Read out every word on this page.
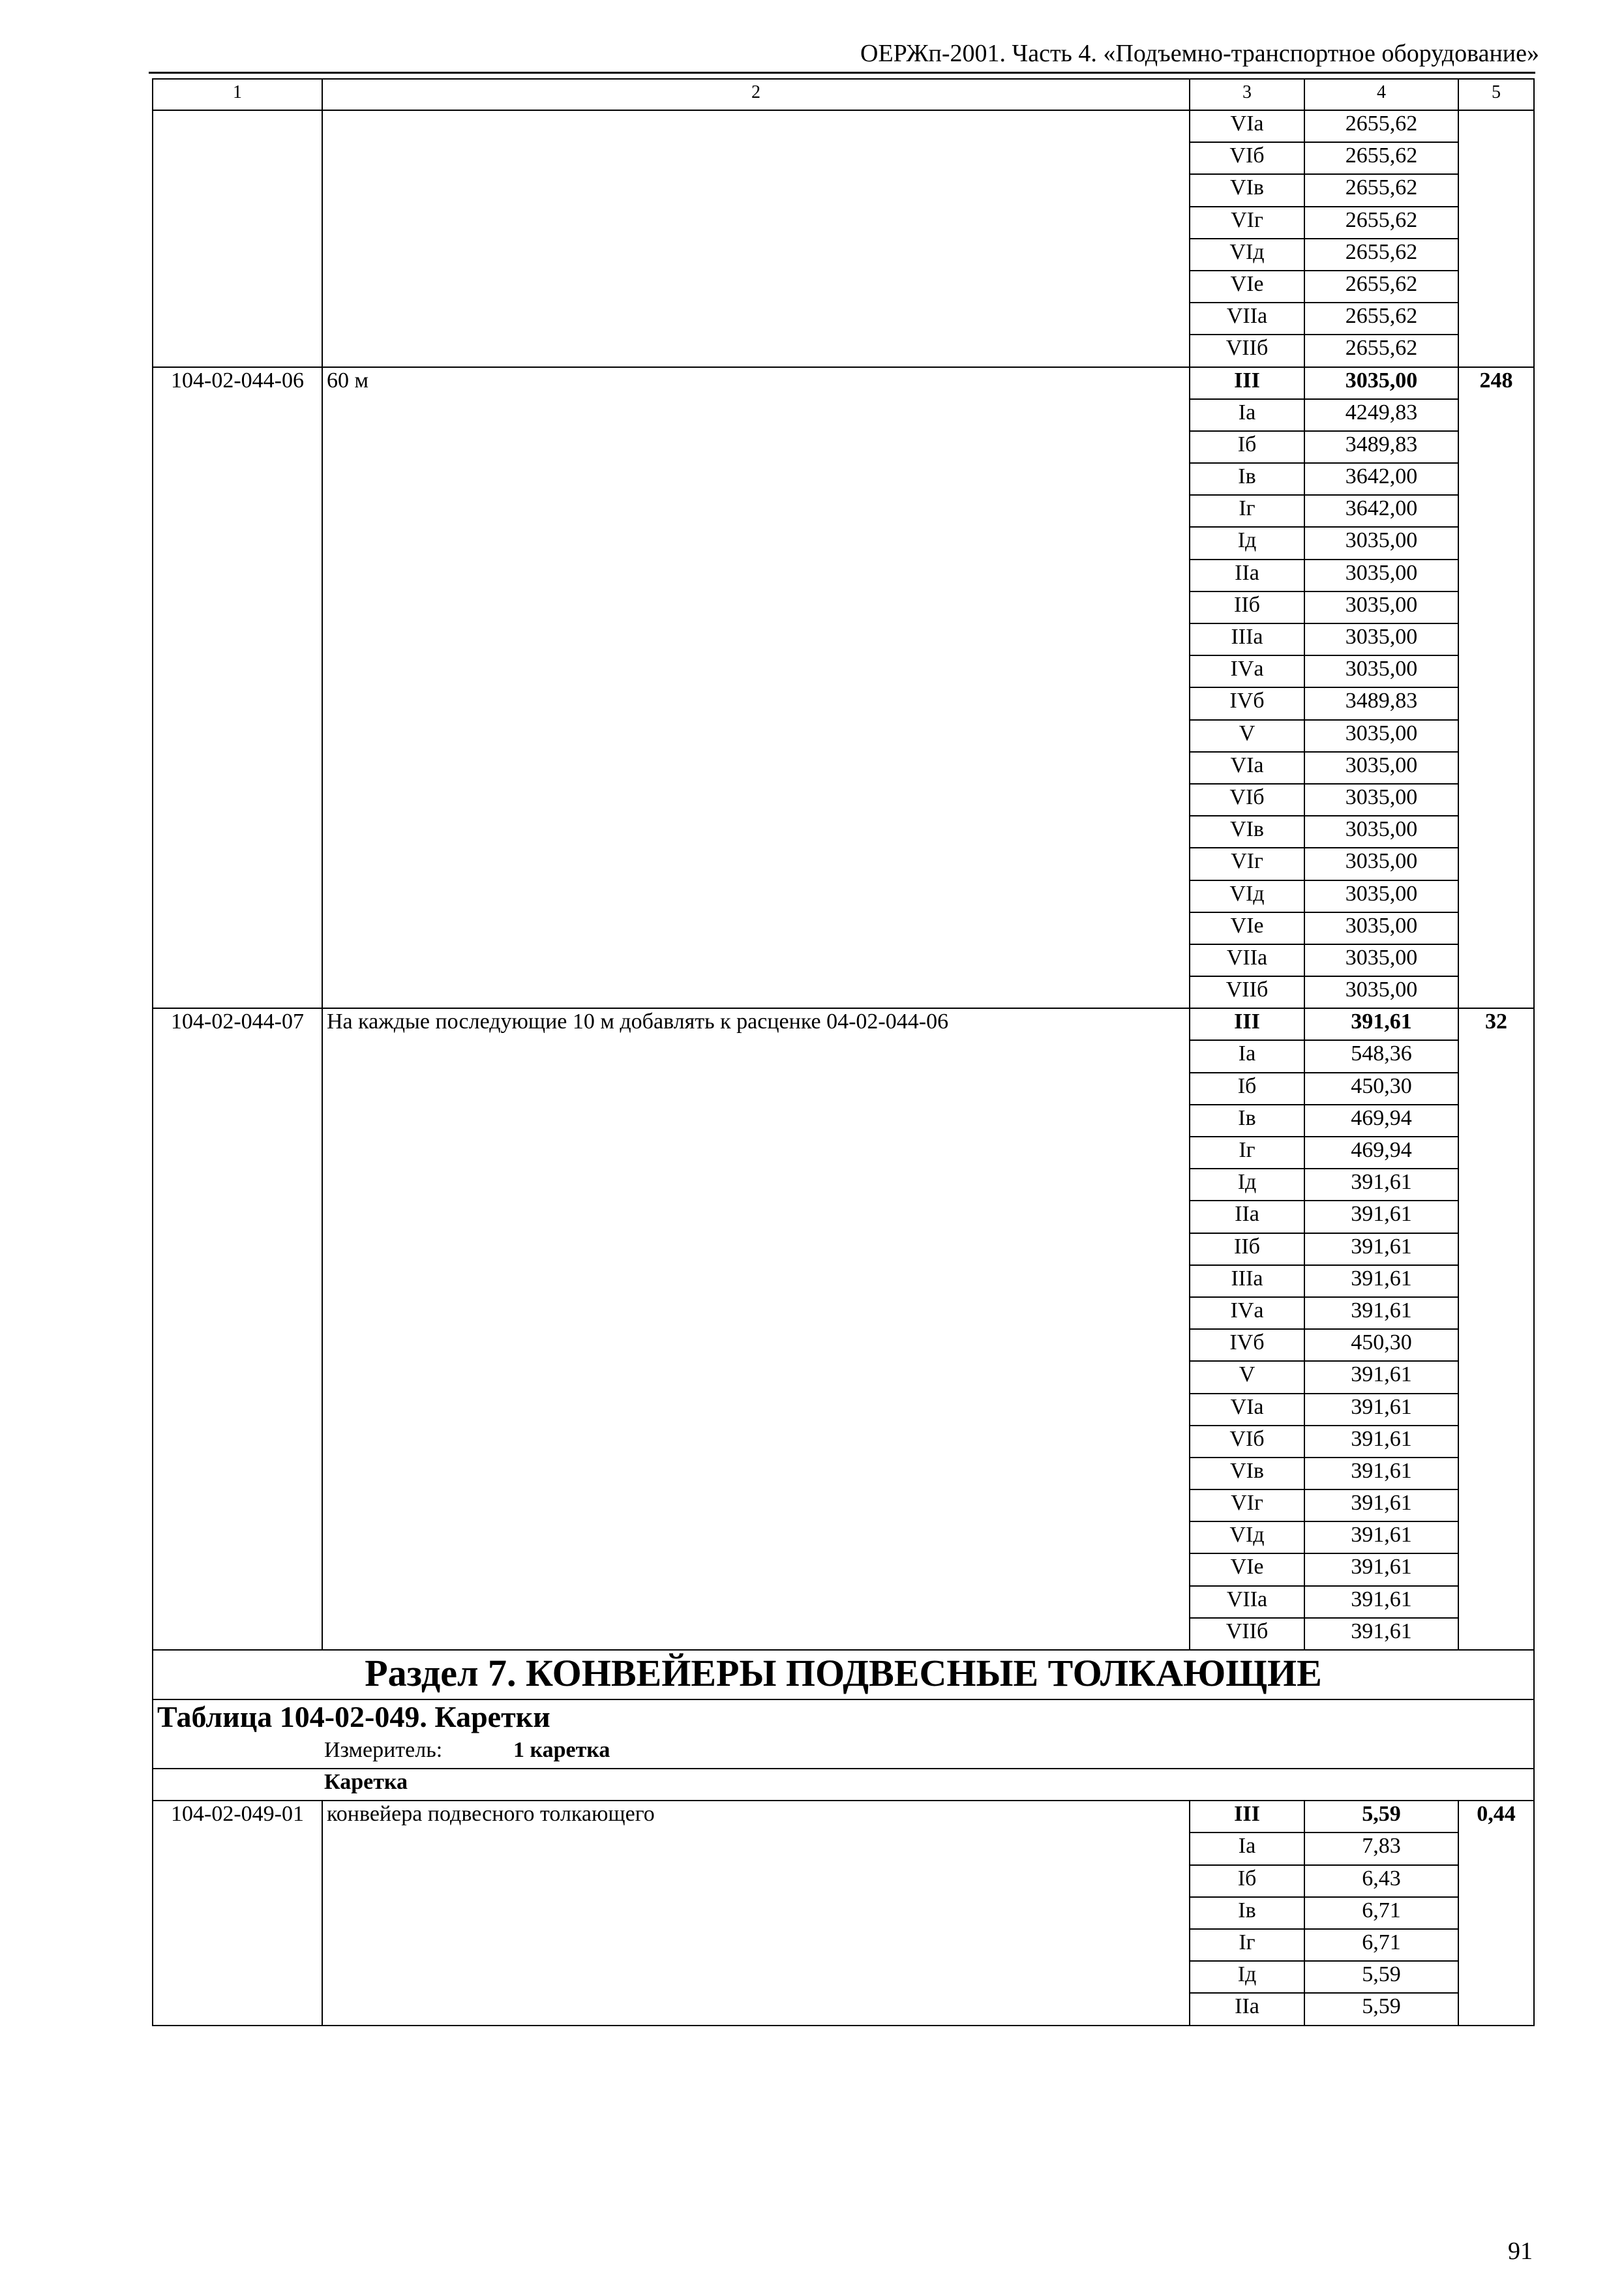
ОЕРЖп-2001. Часть 4. «Подъемно-транспортное оборудование»
1	2	3	4	5
		VIа	2655,62	
		VIб	2655,62	
		VIв	2655,62	
		VIг	2655,62	
		VIд	2655,62	
		VIе	2655,62	
		VIIа	2655,62	
		VIIб	2655,62	
104-02-044-06	60 м	III	3035,00	248
		Iа	4249,83	
		Iб	3489,83	
		Iв	3642,00	
		Iг	3642,00	
		Iд	3035,00	
		IIа	3035,00	
		IIб	3035,00	
		IIIа	3035,00	
		IVа	3035,00	
		IVб	3489,83	
		V	3035,00	
		VIа	3035,00	
		VIб	3035,00	
		VIв	3035,00	
		VIг	3035,00	
		VIд	3035,00	
		VIе	3035,00	
		VIIа	3035,00	
		VIIб	3035,00	
104-02-044-07	На каждые последующие 10 м добавлять к расценке 04-02-044-06	III	391,61	32
		Iа	548,36	
		Iб	450,30	
		Iв	469,94	
		Iг	469,94	
		Iд	391,61	
		IIа	391,61	
		IIб	391,61	
		IIIа	391,61	
		IVа	391,61	
		IVб	450,30	
		V	391,61	
		VIа	391,61	
		VIб	391,61	
		VIв	391,61	
		VIг	391,61	
		VIд	391,61	
		VIе	391,61	
		VIIа	391,61	
		VIIб	391,61	
Раздел 7. КОНВЕЙЕРЫ ПОДВЕСНЫЕ ТОЛКАЮЩИЕ				
Таблица 104-02-049. Каретки				
Измеритель: 1 каретка				
Каретка				
104-02-049-01	конвейера подвесного толкающего	III	5,59	0,44
		Iа	7,83	
		Iб	6,43	
		Iв	6,71	
		Iг	6,71	
		Iд	5,59	
		IIа	5,59	
91
